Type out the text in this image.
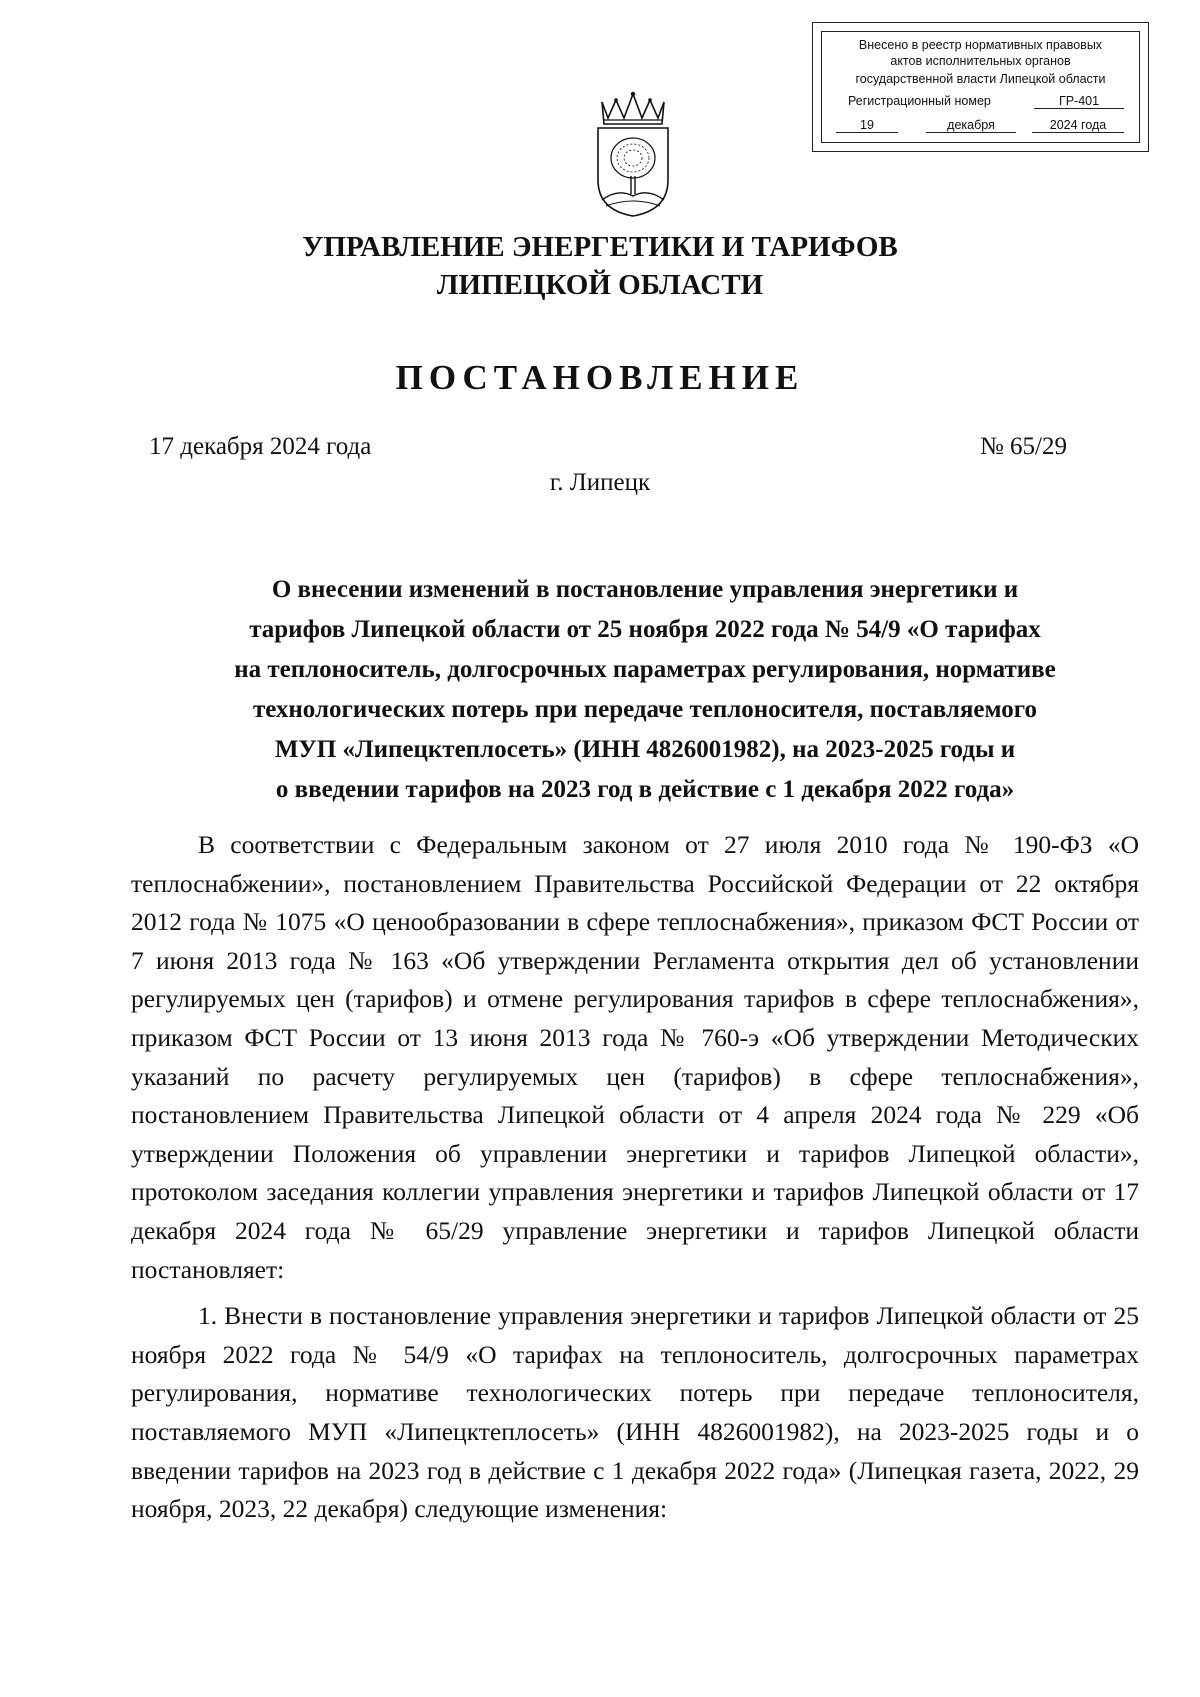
Внесено в реестр нормативных правовых
актов исполнительных органов
государственной власти Липецкой области
Регистрационный номер	ГР-401
19	декабря	2024 года
УПРАВЛЕНИЕ ЭНЕРГЕТИКИ И ТАРИФОВ
ЛИПЕЦКОЙ ОБЛАСТИ
ПОСТАНОВЛЕНИЕ
17 декабря 2024 года	№ 65/29
г. Липецк
О внесении изменений в постановление управления энергетики и
тарифов Липецкой области от 25 ноября 2022 года № 54/9 «О тарифах
на теплоноситель, долгосрочных параметрах регулирования, нормативе
технологических потерь при передаче теплоносителя, поставляемого
МУП «Липецктеплосеть» (ИНН 4826001982), на 2023-2025 годы и
о введении тарифов на 2023 год в действие с 1 декабря 2022 года»

В соответствии с Федеральным законом от 27 июля 2010 года № 190-ФЗ «О теплоснабжении», постановлением Правительства Российской Федерации от 22 октября 2012 года № 1075 «О ценообразовании в сфере теплоснабжения», приказом ФСТ России от 7 июня 2013 года № 163 «Об утверждении Регламента открытия дел об установлении регулируемых цен (тарифов) и отмене регулирования тарифов в сфере теплоснабжения», приказом ФСТ России от 13 июня 2013 года № 760-э «Об утверждении Методических указаний по расчету регулируемых цен (тарифов) в сфере теплоснабжения», постановлением Правительства Липецкой области от 4 апреля 2024 года № 229 «Об утверждении Положения об управлении энергетики и тарифов Липецкой области», протоколом заседания коллегии управления энергетики и тарифов Липецкой области от 17 декабря 2024 года № 65/29 управление энергетики и тарифов Липецкой области постановляет:

1. Внести в постановление управления энергетики и тарифов Липецкой области от 25 ноября 2022 года № 54/9 «О тарифах на теплоноситель, долгосрочных параметрах регулирования, нормативе технологических потерь при передаче теплоносителя, поставляемого МУП «Липецктеплосеть» (ИНН 4826001982), на 2023-2025 годы и о введении тарифов на 2023 год в действие с 1 декабря 2022 года» (Липецкая газета, 2022, 29 ноября, 2023, 22 декабря) следующие изменения:
